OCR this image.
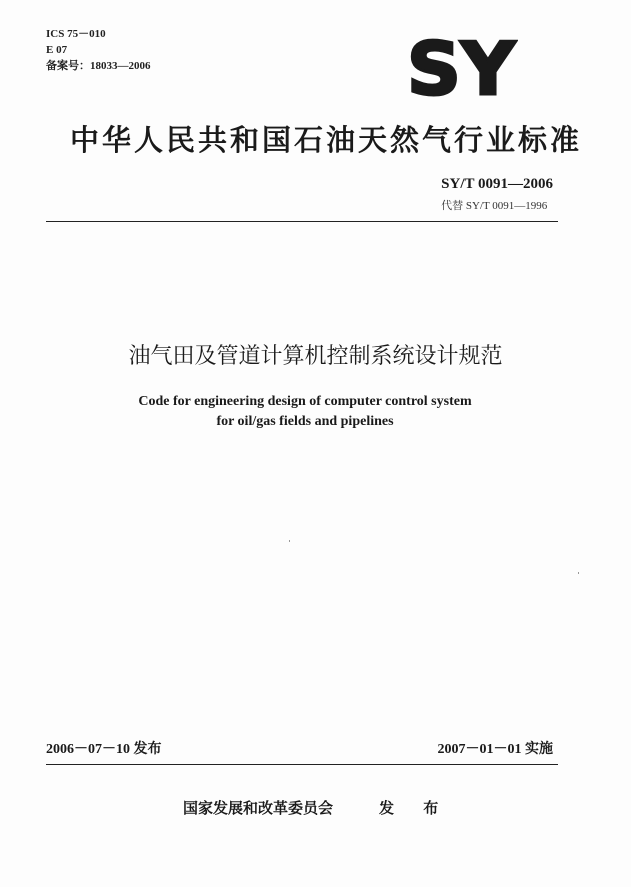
ICS 75－010
E 07
备案号：18033—2006	SY
中华人民共和国石油天然气行业标准
SY/T 0091—2006
代替 SY/T 0091—1996
油气田及管道计算机控制系统设计规范
Code for engineering design of computer control system
for oil/gas fields and pipelines
2006－07－10 发布	2007－01－01 实施
国家发展和改革委员会	发 布
